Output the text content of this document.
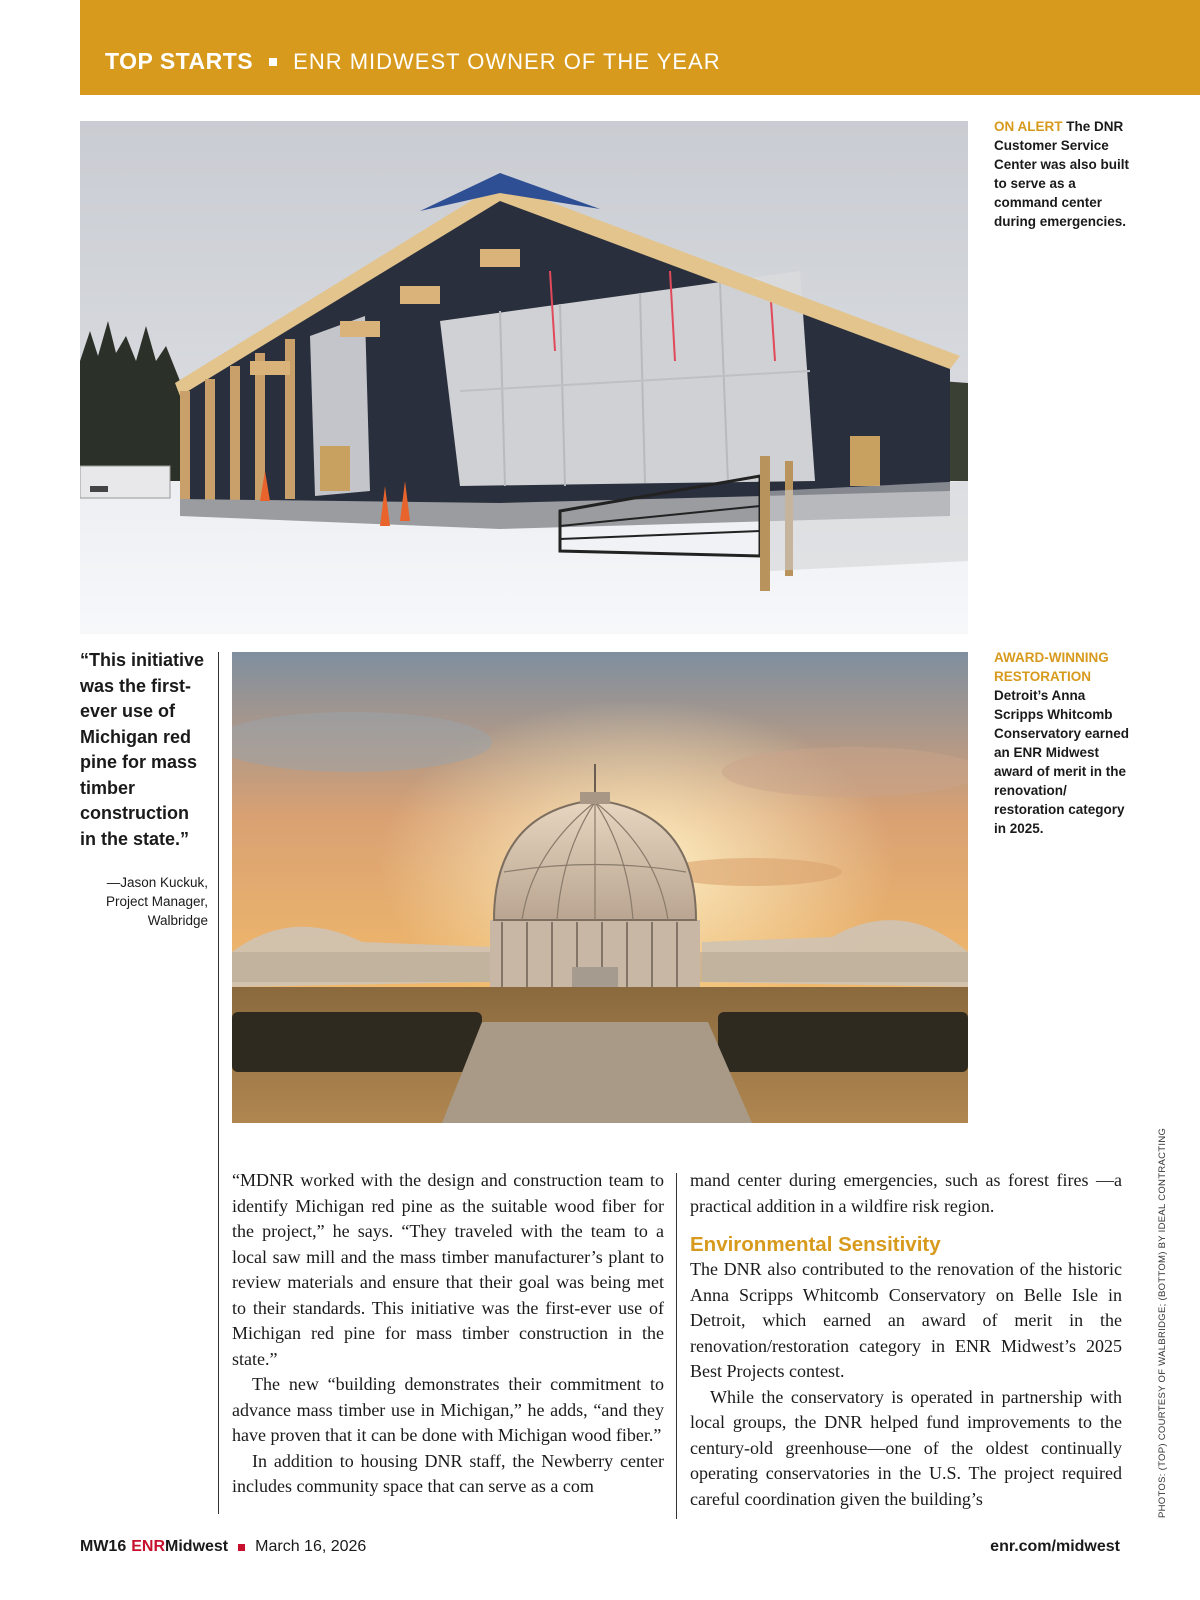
TOP STARTS ENR MIDWEST OWNER OF THE YEAR
ON ALERT The DNR Customer Service Center was also built to serve as a command center during emergencies.
“This initiative was the first-ever use of Michigan red pine for mass timber construction in the state.”
—Jason Kuckuk,
Project Manager,
Walbridge
AWARD-WINNING RESTORATION
Detroit’s Anna Scripps Whitcomb Conservatory earned an ENR Midwest award of merit in the renovation/ restoration category in 2025.

“MDNR worked with the design and construction team to identify Michigan red pine as the suitable wood fiber for the project,” he says. “They traveled with the team to a local saw mill and the mass timber manufacturer’s plant to review materials and ensure that their goal was being met to their standards. This initiative was the first-ever use of Michigan red pine for mass timber construction in the state.”

The new “building demonstrates their commitment to advance mass timber use in Michigan,” he adds, “and they have proven that it can be done with Michigan wood fiber.”

In addition to housing DNR staff, the Newberry center includes community space that can serve as a com

mand center during emergencies, such as forest fires —a practical addition in a wildfire risk region.

Environmental Sensitivity

The DNR also contributed to the renovation of the historic Anna Scripps Whitcomb Conservatory on Belle Isle in Detroit, which earned an award of merit in the renovation/restoration category in ENR Midwest’s 2025 Best Projects contest.

While the conservatory is operated in partnership with local groups, the DNR helped fund improvements to the century-old greenhouse—one of the oldest continually operating conservatories in the U.S. The project required careful coordination given the building’s	PHOTOS: (TOP) COURTESY OF WALBRIDGE; (BOTTOM) BY IDEAL CONTRACTING
MW16 ENR Midwest March 16, 2026	enr.com/midwest
